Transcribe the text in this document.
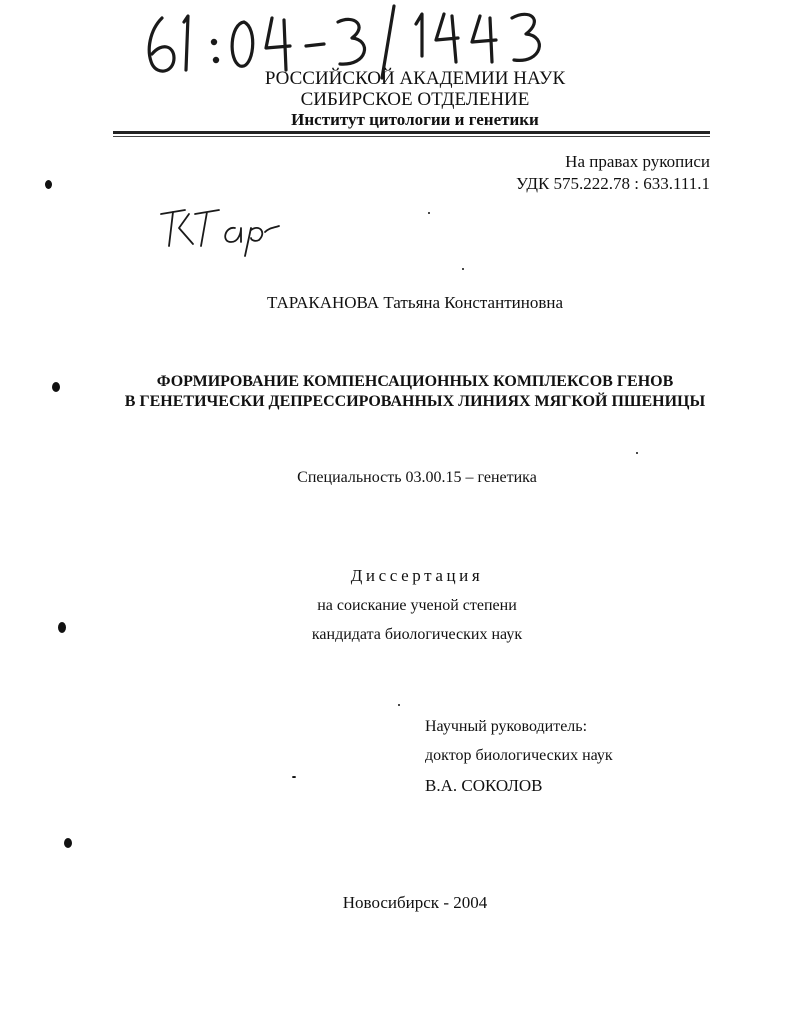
РОССИЙСКОЙ АКАДЕМИИ НАУК
СИБИРСКОЕ ОТДЕЛЕНИЕ
Институт цитологии и генетики
На правах рукописи
УДК 575.222.78 : 633.111.1
ТАРАКАНОВА Татьяна Константиновна
ФОРМИРОВАНИЕ КОМПЕНСАЦИОННЫХ КОМПЛЕКСОВ ГЕНОВ
В ГЕНЕТИЧЕСКИ ДЕПРЕССИРОВАННЫХ ЛИНИЯХ МЯГКОЙ ПШЕНИЦЫ
Специальность 03.00.15 – генетика
Диссертация
на соискание ученой степени
кандидата биологических наук
Научный руководитель:
доктор биологических наук
В.А. СОКОЛОВ
Новосибирск - 2004
